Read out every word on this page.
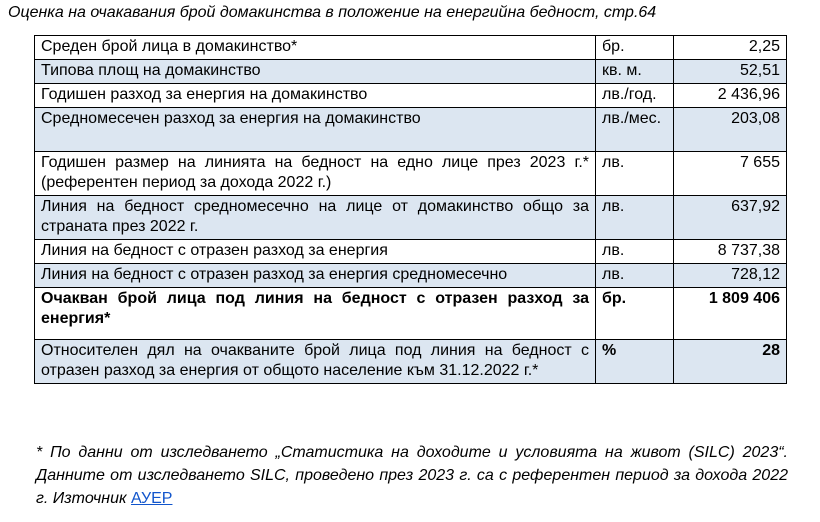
Оценка на очакавания брой домакинства в положение на енергийна бедност, стр.64
Среден брой лица в домакинство*	бр.	2,25
Типова площ на домакинство	кв. м.	52,51
Годишен разход за енергия на домакинство	лв./год.	2 436,96
Средномесечен разход за енергия на домакинство	лв./мес.	203,08
Годишен размер на линията на бедност на едно лице през 2023 г.* (референтен период за дохода 2022 г.)	лв.	7 655
Линия на бедност средномесечно на лице от домакинство общо за страната през 2022 г.	лв.	637,92
Линия на бедност с отразен разход за енергия	лв.	8 737,38
Линия на бедност с отразен разход за енергия средномесечно	лв.	728,12
Очакван брой лица под линия на бедност с отразен разход за енергия*	бр.	1 809 406
Относителен дял на очакваните брой лица под линия на бедност с отразен разход за енергия от общото население към 31.12.2022 г.*	%	28
* По данни от изследването „Статистика на доходите и условията на живот (SILC) 2023“. Данните от изследването SILC, проведено през 2023 г. са с референтен период за дохода 2022 г. Източник АУЕР
